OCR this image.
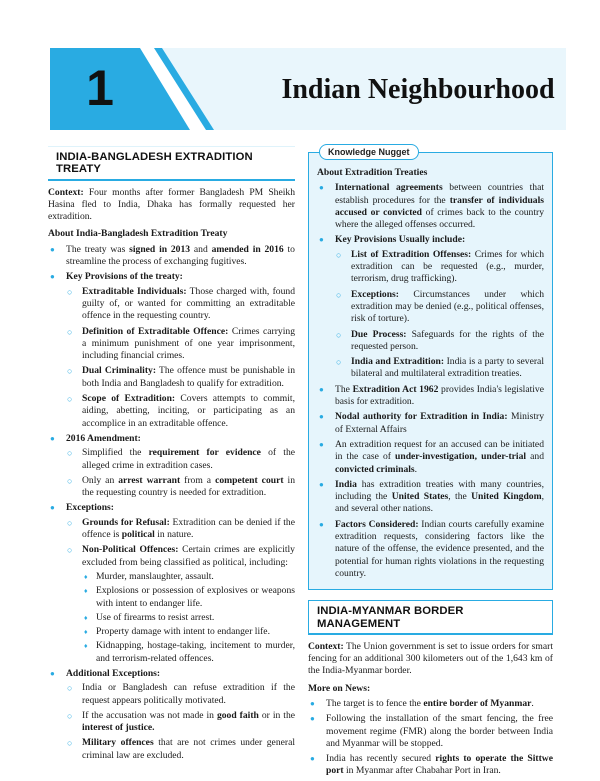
1	Indian Neighbourhood
INDIA-BANGLADESH EXTRADITION TREATY

Context: Four months after former Bangladesh PM Sheikh Hasina fled to India, Dhaka has formally requested her extradition.

About India-Bangladesh Extradition Treaty

● The treaty was signed in 2013 and amended in 2016 to streamline the process of exchanging fugitives.
● Key Provisions of the treaty:
○ Extraditable Individuals: Those charged with, found guilty of, or wanted for committing an extraditable offence in the requesting country.
○ Definition of Extraditable Offence: Crimes carrying a minimum punishment of one year imprisonment, including financial crimes.
○ Dual Criminality: The offence must be punishable in both India and Bangladesh to qualify for extradition.
○ Scope of Extradition: Covers attempts to commit, aiding, abetting, inciting, or participating as an accomplice in an extraditable offence.
● 2016 Amendment:
○ Simplified the requirement for evidence of the alleged crime in extradition cases.
○ Only an arrest warrant from a competent court in the requesting country is needed for extradition.
● Exceptions:
○ Grounds for Refusal: Extradition can be denied if the offence is political in nature.
○ Non-Political Offences: Certain crimes are explicitly excluded from being classified as political, including:
♦ Murder, manslaughter, assault.
♦ Explosions or possession of explosives or weapons with intent to endanger life.
♦ Use of firearms to resist arrest.
♦ Property damage with intent to endanger life.
♦ Kidnapping, hostage-taking, incitement to murder, and terrorism-related offences.
● Additional Exceptions:
○ India or Bangladesh can refuse extradition if the request appears politically motivated.
○ If the accusation was not made in good faith or in the interest of justice.
○ Military offences that are not crimes under general criminal law are excluded.
Knowledge Nugget

About Extradition Treaties

● International agreements between countries that establish procedures for the transfer of individuals accused or convicted of crimes back to the country where the alleged offenses occurred.
● Key Provisions Usually include:
○ List of Extradition Offenses: Crimes for which extradition can be requested (e.g., murder, terrorism, drug trafficking).
○ Exceptions: Circumstances under which extradition may be denied (e.g., political offenses, risk of torture).
○ Due Process: Safeguards for the rights of the requested person.
○ India and Extradition: India is a party to several bilateral and multilateral extradition treaties.
● The Extradition Act 1962 provides India's legislative basis for extradition.
● Nodal authority for Extradition in India: Ministry of External Affairs
● An extradition request for an accused can be initiated in the case of under-investigation, under-trial and convicted criminals.
● India has extradition treaties with many countries, including the United States, the United Kingdom, and several other nations.
● Factors Considered: Indian courts carefully examine extradition requests, considering factors like the nature of the offense, the evidence presented, and the potential for human rights violations in the requesting country.
INDIA-MYANMAR BORDER MANAGEMENT

Context: The Union government is set to issue orders for smart fencing for an additional 300 kilometers out of the 1,643 km of the India-Myanmar border.

More on News:

● The target is to fence the entire border of Myanmar.
● Following the installation of the smart fencing, the free movement regime (FMR) along the border between India and Myanmar will be stopped.
● India has recently secured rights to operate the Sittwe port in Myanmar after Chabahar Port in Iran.
